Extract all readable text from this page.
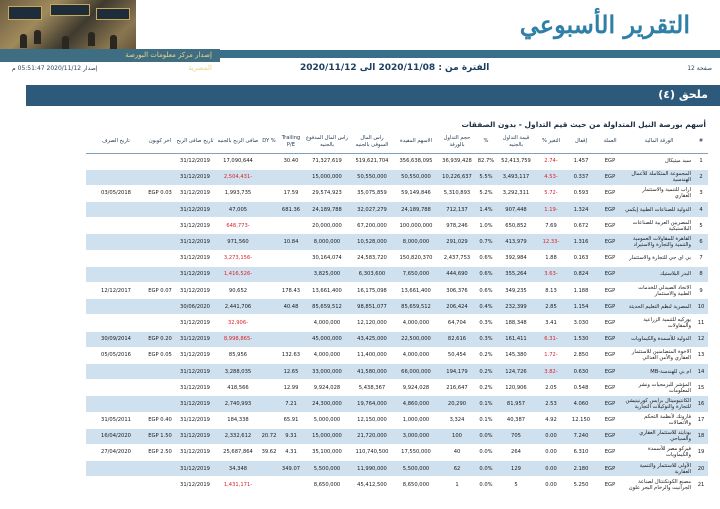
التقرير الأسبوعي
إصدار مركز معلومات البورصة المصرية	صفحة 12
الفترة من : 2020/11/08 الى 2020/11/12
إصدار 2020/11/12 05:51:47 م
ملحق (٤)
أسهم بورصة النيل المتداولة من حيث قيم التداول - بدون الصفقات
#	الورقة المالية	العملة	إقفال	التغير %	قيمة التداول بالجنيه	%	حجم التداول بالورقة	الاسهم المقيدة	راس المال السوقى بالجنيه	راس المال المدفوع بالجنيه	Trailing P/E	% DY	صافى الربح بالجنيه	تاريخ صافى الربح	اخر كوبون	تاريخ الصرف
1	سيد ميتيكال	EGP	1.457	-2.74	52,413,759	82.7%	36,939,428	356,638,095	519,621,704	71,327,619	30.40		17,090,644	31/12/2019		
2	المجموعة المتكاملة للأعمال الهندسية	EGP	0.337	-4.53	3,493,117	5.5%	10,226,637	50,550,000	50,550,000	15,000,000			-2,504,431	31/12/2019		
3	اراب للتنمية والاستثمار العقاري	EGP	0.593	-5.72	3,292,311	5.2%	5,310,893	59,149,846	35,075,859	29,574,923	17.59		1,993,735	31/12/2019	EGP 0.03	03/05/2018
4	الدولية للصناعات الطبية إيكمي	EGP	1.324	-1.19	907,448	1.4%	712,137	24,189,788	32,027,279	24,189,788	681.36		47,005	31/12/2019		
5	المصريين العربية للصناعات البلاستيكية	EGP	0.672	7.69	650,852	1.0%	978,246	100,000,000	67,200,000	20,000,000			-648,773	31/12/2019		
6	القاهرة للمقاولات العمومية والتنمية والتجارة والاستيراد	EGP	1.316	-12.33	413,979	0.7%	291,029	8,000,000	10,528,000	8,000,000	10.84		971,560	31/12/2019		
7	بي اي جي للتجارة والاستثمار	EGP	0.163	1.88	392,984	0.6%	2,437,753	150,820,370	24,583,720	30,164,074			-3,273,156	31/12/2019		
8	البدر البلاستيك	EGP	0.824	-3.63	355,264	0.6%	444,690	7,650,000	6,303,600	3,825,000			-1,416,526	31/12/2019		
9	الاتحاد الصيدلي للخدمات الطبية والاستثمار	EGP	1.188	8.13	349,235	0.6%	306,376	13,661,400	16,175,098	13,661,400	178.43		90,652	31/12/2019	EGP 0.07	12/12/2017
10	المصرية لنظم التعليم الحديثة	EGP	1.154	2.85	232,399	0.4%	206,424	85,659,512	98,851,077	85,659,512	40.48		2,441,706	30/06/2020		
11	يوركيه للتنمية الزراعية والمقاولات	EGP	3.030	3.41	188,348	0.3%	64,704	4,000,000	12,120,000	4,000,000			-32,906	31/12/2019		
12	الدولية للأسمدة والكيماويات	EGP	1.530	-6.31	161,411	0.3%	82,616	22,500,000	43,425,000	45,000,000			-8,998,865	31/12/2019	EGP 0.20	30/09/2014
13	الاخوة المتضامنين للاستثمار العقاري والأمن الغذائي	EGP	2.850	-1.72	145,380	0.2%	50,454	4,000,000	11,400,000	4,000,000	132.63		85,956	31/12/2019	EGP 0.05	05/05/2016
14	ام بي للهندسة-MB	EGP	0.630	-3.82	124,726	0.2%	194,179	66,000,000	41,580,000	33,000,000	12.65		3,288,035	31/12/2019		
15	المؤشر للبرمجيات ونشر المعلومات	EGP	0.548	2.05	120,906	0.2%	216,647	9,924,028	5,438,367	9,924,028	12.99		418,566	31/12/2019		
16	الكانتيوميتال برايس كورنينيشن للتجارة والتوكيلات التجارية	EGP	4.060	2.53	81,957	0.1%	20,290	4,860,000	19,764,000	24,300,000	7.21		2,740,993	31/12/2019		
17	فاروتك لأنظمة التحكم والاتصالات	EGP	12.150	4.92	40,387	0.1%	3,324	1,000,000	12,150,000	5,000,000	65.91		184,338	31/12/2019	EGP 0.40	31/05/2011
18	يونايتد للاستثمار العقاري والسياحي	EGP	7.240	0.00	705	0.0%	100	3,000,000	21,720,000	15,000,000	9.31	20.72	2,332,612	31/12/2019	EGP 1.50	16/04/2020
19	فيركو مصر للأسمدة والكيماويات	EGP	6.310	0.00	264	0.0%	40	17,550,000	110,740,500	35,100,000	4.31	39.62	25,687,864	31/12/2019	EGP 2.50	27/04/2020
20	الأولى للاستثمار والتنمية العقارية	EGP	2.180	0.00	129	0.0%	62	5,500,000	11,990,000	5,500,000	349.07		34,348	31/12/2019		
21	مصنع الكونكتنتال لصناعة الجرانيت والرخام البحر علون	EGP	5.250	0.00	5	0.0%	1	8,650,000	45,412,500	8,650,000			-1,431,171	31/12/2019		
